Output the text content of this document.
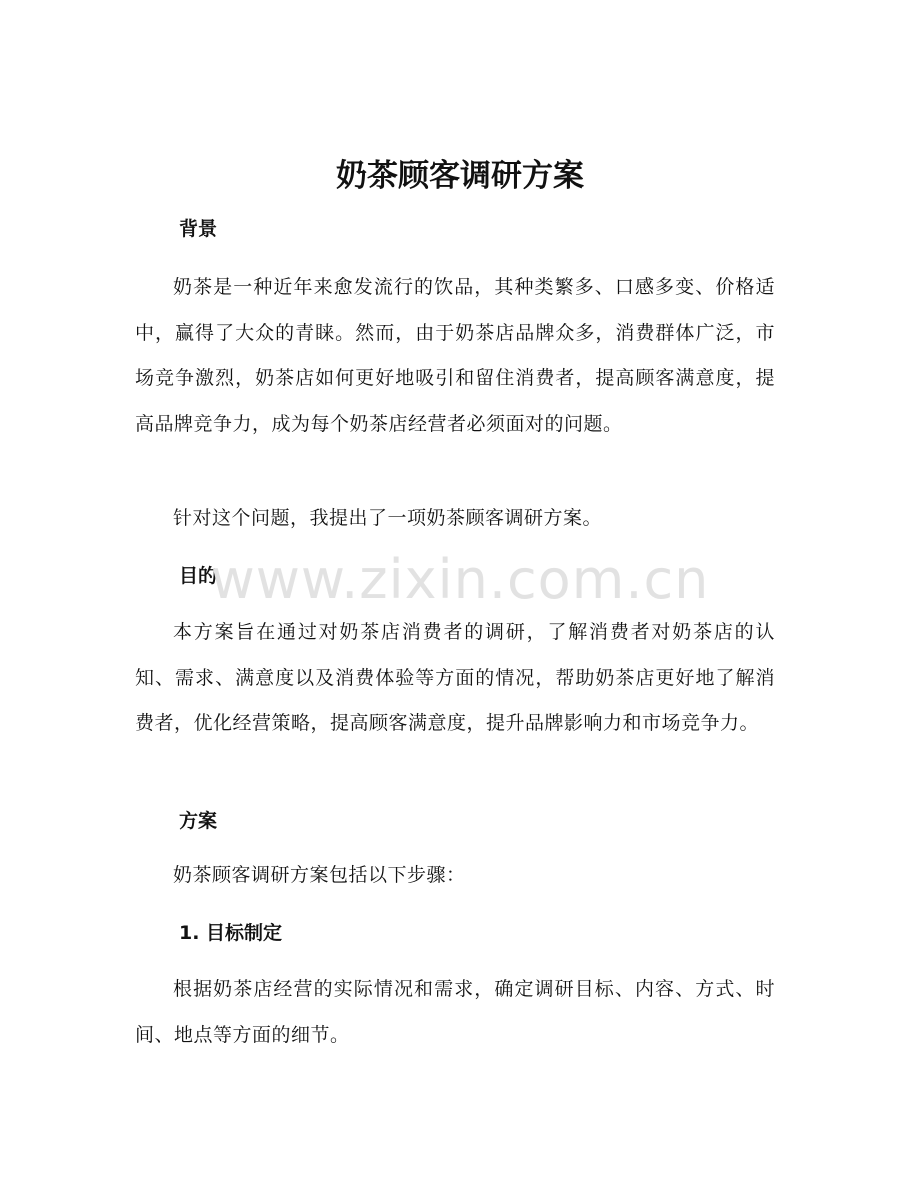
奶茶顾客调研方案
背景

奶茶是一种近年来愈发流行的饮品，其种类繁多、口感多变、价格适中，赢得了大众的青睐。然而，由于奶茶店品牌众多，消费群体广泛，市场竞争激烈，奶茶店如何更好地吸引和留住消费者，提高顾客满意度，提高品牌竞争力，成为每个奶茶店经营者必须面对的问题。

针对这个问题，我提出了一项奶茶顾客调研方案。

目的

本方案旨在通过对奶茶店消费者的调研，了解消费者对奶茶店的认知、需求、满意度以及消费体验等方面的情况，帮助奶茶店更好地了解消费者，优化经营策略，提高顾客满意度，提升品牌影响力和市场竞争力。

方案

奶茶顾客调研方案包括以下步骤：

1. 目标制定

根据奶茶店经营的实际情况和需求，确定调研目标、内容、方式、时间、地点等方面的细节。

www.zixin.com.cn
